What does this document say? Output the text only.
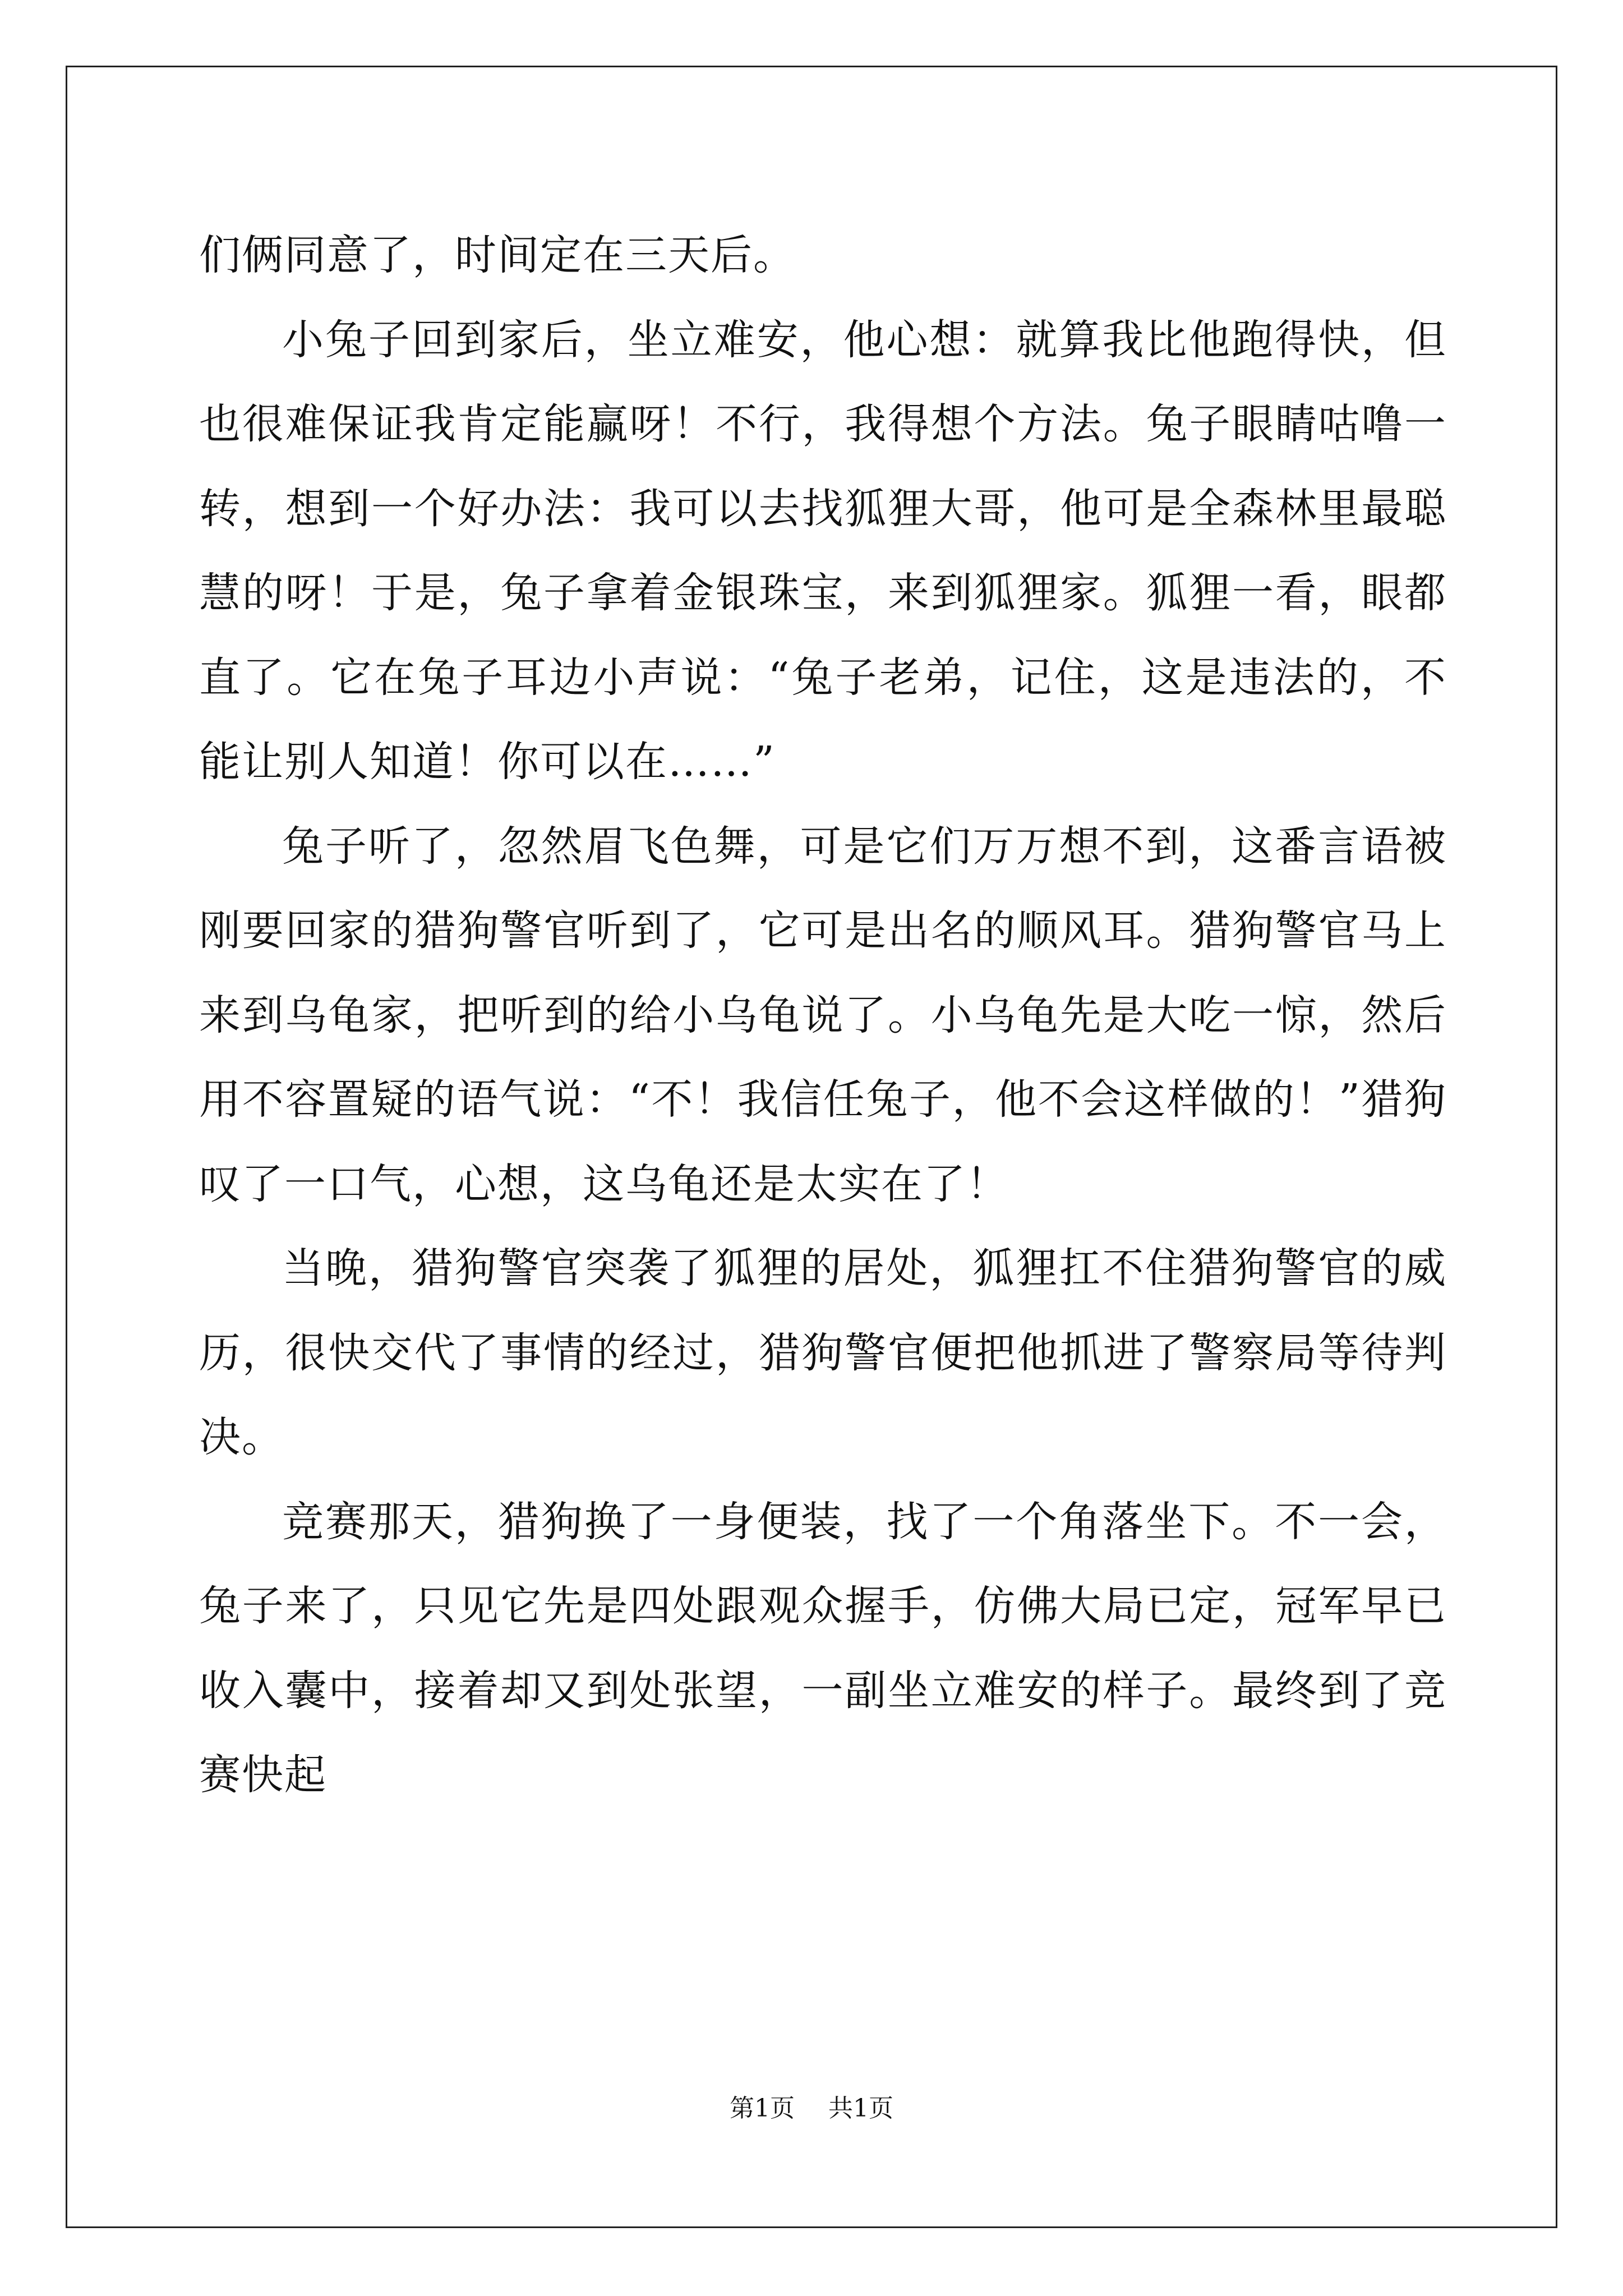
们俩同意了，时间定在三天后。

小兔子回到家后，坐立难安，他心想：就算我比他跑得快，但也很难保证我肯定能赢呀！不行，我得想个方法。兔子眼睛咕噜一转，想到一个好办法：我可以去找狐狸大哥，他可是全森林里最聪慧的呀！于是，兔子拿着金银珠宝，来到狐狸家。狐狸一看，眼都直了。它在兔子耳边小声说：“兔子老弟，记住，这是违法的，不能让别人知道！你可以在……”

兔子听了，忽然眉飞色舞，可是它们万万想不到，这番言语被刚要回家的猎狗警官听到了，它可是出名的顺风耳。猎狗警官马上来到乌龟家，把听到的给小乌龟说了。小乌龟先是大吃一惊，然后用不容置疑的语气说：“不！我信任兔子，他不会这样做的！”猎狗叹了一口气，心想，这乌龟还是太实在了！

当晚，猎狗警官突袭了狐狸的居处，狐狸扛不住猎狗警官的威历，很快交代了事情的经过，猎狗警官便把他抓进了警察局等待判决。

竞赛那天，猎狗换了一身便装，找了一个角落坐下。不一会，兔子来了，只见它先是四处跟观众握手，仿佛大局已定，冠军早已收入囊中，接着却又到处张望，一副坐立难安的样子。最终到了竞赛快起

第1页 共1页
